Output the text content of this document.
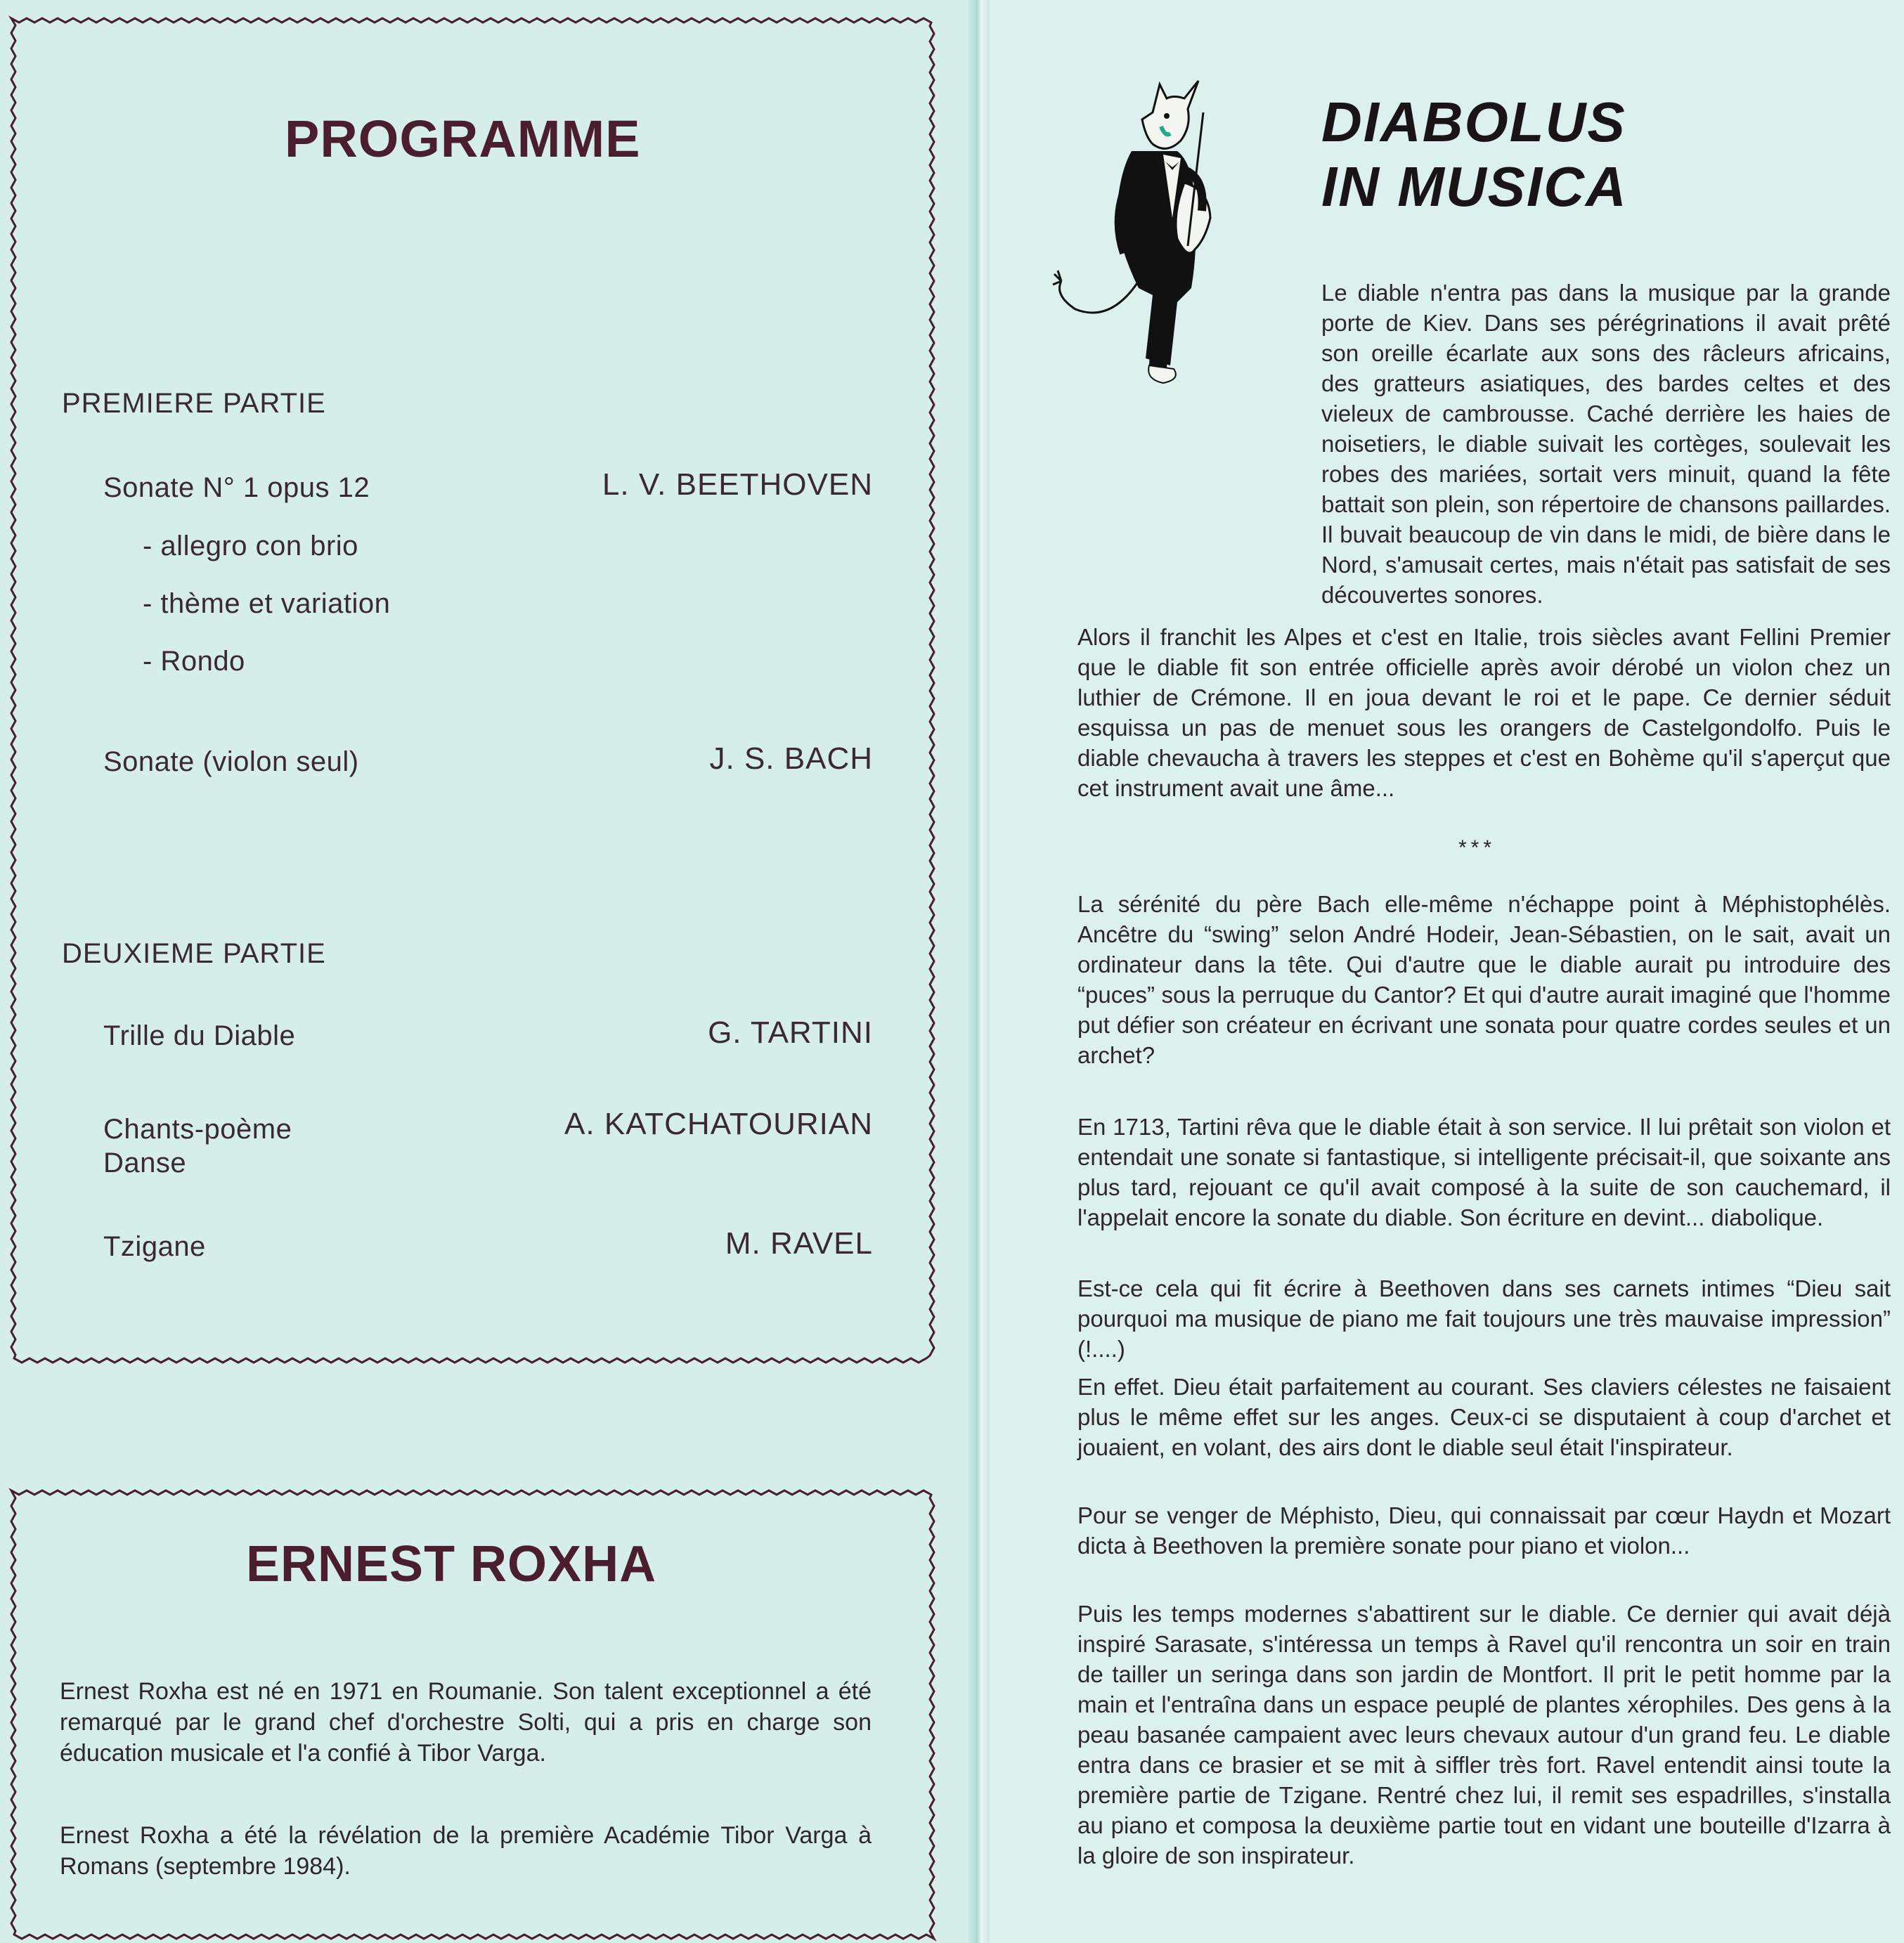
PROGRAMME
PREMIERE PARTIE
Sonate N° 1 opus 12	L. V. BEETHOVEN
- allegro con brio
- thème et variation
- Rondo
Sonate (violon seul)	J. S. BACH
DEUXIEME PARTIE
Trille du Diable	G. TARTINI
Chants-poème	A. KATCHATOURIAN
Danse
Tzigane	M. RAVEL
ERNEST ROXHA
Ernest Roxha est né en 1971 en Roumanie. Son talent exceptionnel a été remarqué par le grand chef d'orchestre Solti, qui a pris en charge son éducation musicale et l'a confié à Tibor Varga.
Ernest Roxha a été la révélation de la première Académie Tibor Varga à Romans (septembre 1984).
DIABOLUS
IN MUSICA
Le diable n'entra pas dans la musique par la grande porte de Kiev. Dans ses pérégrinations il avait prêté son oreille écarlate aux sons des râcleurs africains, des gratteurs asiatiques, des bardes celtes et des vieleux de cambrousse. Caché derrière les haies de noisetiers, le diable suivait les cortèges, soulevait les robes des mariées, sortait vers minuit, quand la fête battait son plein, son répertoire de chansons paillardes. Il buvait beaucoup de vin dans le midi, de bière dans le Nord, s'amusait certes, mais n'était pas satisfait de ses découvertes sonores.
Alors il franchit les Alpes et c'est en Italie, trois siècles avant Fellini Premier que le diable fit son entrée officielle après avoir dérobé un violon chez un luthier de Crémone. Il en joua devant le roi et le pape. Ce dernier séduit esquissa un pas de menuet sous les orangers de Castelgondolfo. Puis le diable chevaucha à travers les steppes et c'est en Bohème qu'il s'aperçut que cet instrument avait une âme...
***
La sérénité du père Bach elle-même n'échappe point à Méphistophélès. Ancêtre du “swing” selon André Hodeir, Jean-Sébastien, on le sait, avait un ordinateur dans la tête. Qui d'autre que le diable aurait pu introduire des “puces” sous la perruque du Cantor? Et qui d'autre aurait imaginé que l'homme put défier son créateur en écrivant une sonata pour quatre cordes seules et un archet?
En 1713, Tartini rêva que le diable était à son service. Il lui prêtait son violon et entendait une sonate si fantastique, si intelligente précisait-il, que soixante ans plus tard, rejouant ce qu'il avait composé à la suite de son cauchemard, il l'appelait encore la sonate du diable. Son écriture en devint... diabolique.
Est-ce cela qui fit écrire à Beethoven dans ses carnets intimes “Dieu sait pourquoi ma musique de piano me fait toujours une très mauvaise impression” (!....)
En effet. Dieu était parfaitement au courant. Ses claviers célestes ne faisaient plus le même effet sur les anges. Ceux-ci se disputaient à coup d'archet et jouaient, en volant, des airs dont le diable seul était l'inspirateur.
Pour se venger de Méphisto, Dieu, qui connaissait par cœur Haydn et Mozart dicta à Beethoven la première sonate pour piano et violon...
Puis les temps modernes s'abattirent sur le diable. Ce dernier qui avait déjà inspiré Sarasate, s'intéressa un temps à Ravel qu'il rencontra un soir en train de tailler un seringa dans son jardin de Montfort. Il prit le petit homme par la main et l'entraîna dans un espace peuplé de plantes xérophiles. Des gens à la peau basanée campaient avec leurs chevaux autour d'un grand feu. Le diable entra dans ce brasier et se mit à siffler très fort. Ravel entendit ainsi toute la première partie de Tzigane. Rentré chez lui, il remit ses espadrilles, s'installa au piano et composa la deuxième partie tout en vidant une bouteille d'Izarra à la gloire de son inspirateur.
